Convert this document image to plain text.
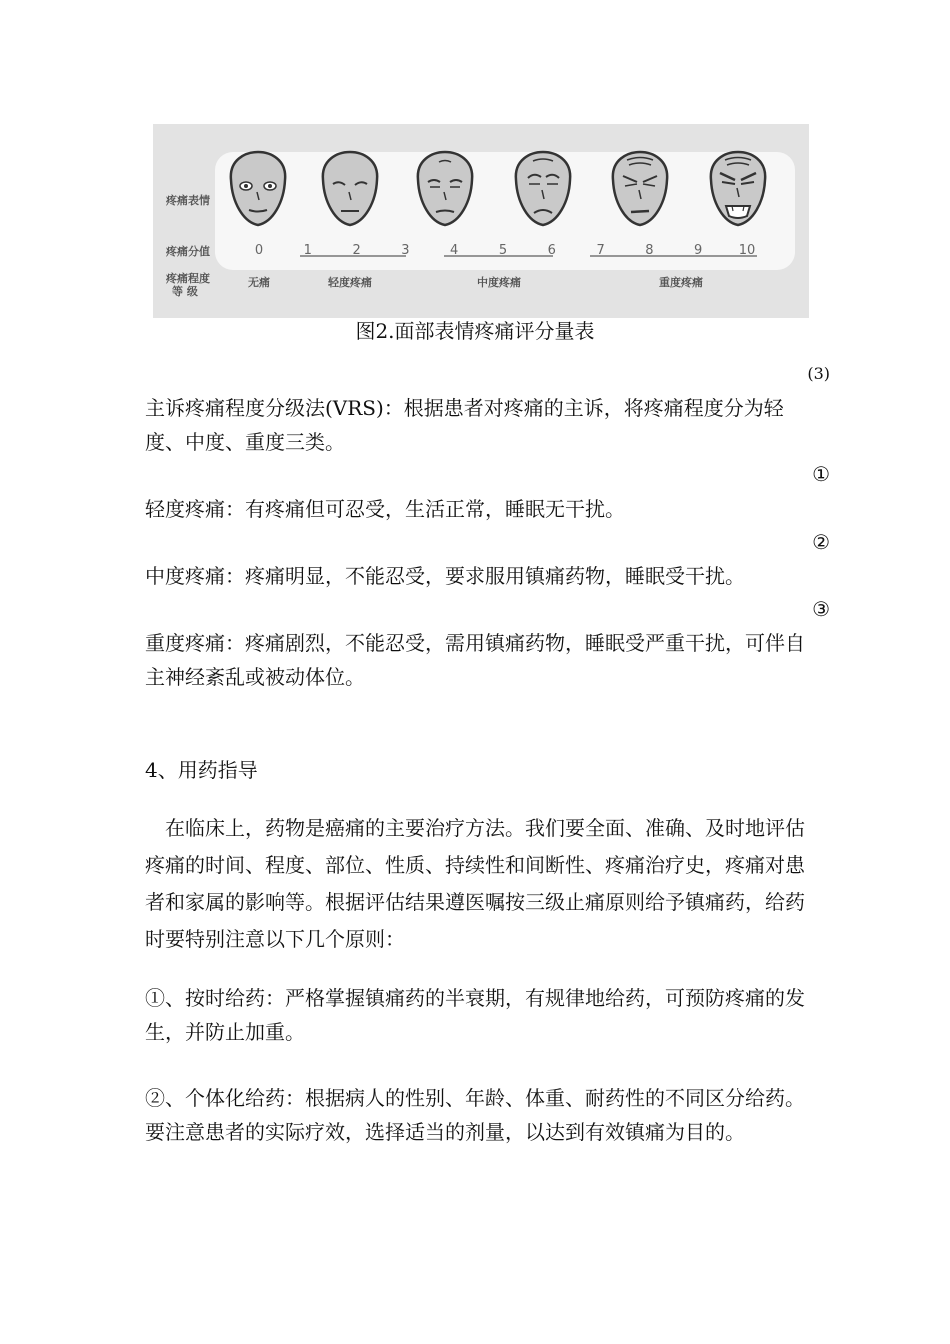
疼痛表情
疼痛分值
疼痛程度
等 级
0	1	2	3	4	5	6	7	8	9	10
无痛	轻度疼痛	中度疼痛	重度疼痛
图2.面部表情疼痛评分量表
(3)

主诉疼痛程度分级法(VRS)：根据患者对疼痛的主诉，将疼痛程度分为轻度、中度、重度三类。

①

轻度疼痛：有疼痛但可忍受，生活正常，睡眠无干扰。

②

中度疼痛：疼痛明显，不能忍受，要求服用镇痛药物，睡眠受干扰。

③

重度疼痛：疼痛剧烈，不能忍受，需用镇痛药物，睡眠受严重干扰，可伴自主神经紊乱或被动体位。

4、用药指导

　在临床上，药物是癌痛的主要治疗方法。我们要全面、准确、及时地评估疼痛的时间、程度、部位、性质、持续性和间断性、疼痛治疗史，疼痛对患者和家属的影响等。根据评估结果遵医嘱按三级止痛原则给予镇痛药，给药时要特别注意以下几个原则：

①、按时给药：严格掌握镇痛药的半衰期，有规律地给药，可预防疼痛的发生，并防止加重。

②、个体化给药：根据病人的性别、年龄、体重、耐药性的不同区分给药。要注意患者的实际疗效，选择适当的剂量，以达到有效镇痛为目的。
